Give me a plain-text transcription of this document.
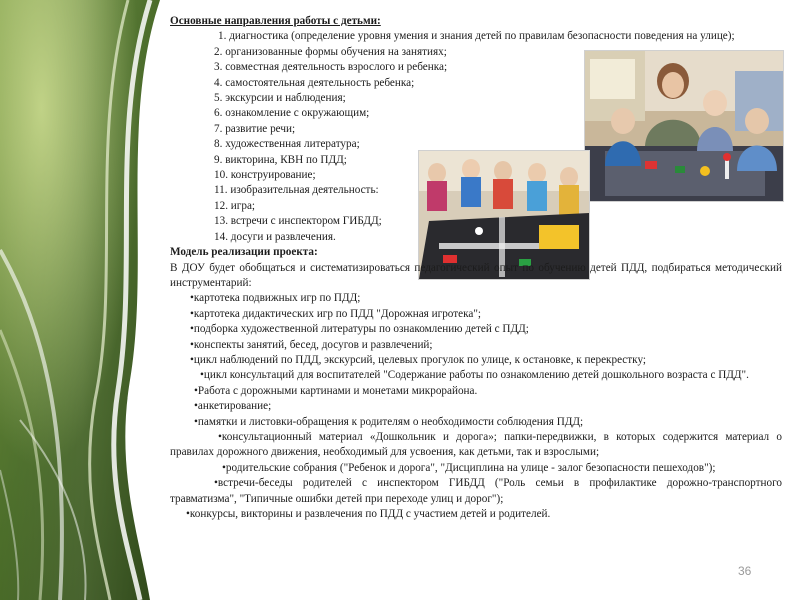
Основные направления работы с детьми:

1. диагностика (определение уровня умения и знания детей по правилам безопасности поведения на улице);

2. организованные формы обучения на занятиях;

3. совместная деятельность взрослого и ребенка;

4. самостоятельная деятельность ребенка;

5. экскурсии и наблюдения;

6. ознакомление с окружающим;

7. развитие речи;

8. художественная литература;

9. викторина, КВН по ПДД;

10. конструирование;

11. изобразительная деятельность:

12. игра;

13. встречи с инспектором ГИБДД;

14. досуги и развлечения.

Модель реализации проекта:

В ДОУ будет обобщаться и систематизироваться педагогический опыт по обучению детей ПДД, подбираться методический инструментарий:

•картотека подвижных игр по ПДД;

•картотека дидактических игр по ПДД "Дорожная игротека";

•подборка художественной литературы по ознакомлению детей с ПДД;

•конспекты занятий, бесед, досугов и развлечений;

•цикл наблюдений по ПДД, экскурсий, целевых прогулок по улице, к остановке, к перекрестку;

•цикл консультаций для воспитателей "Содержание работы по ознакомлению детей дошкольного возраста с ПДД".

•Работа с дорожными картинами и монетами микрорайона.

•анкетирование;

•памятки и листовки-обращения к родителям о необходимости соблюдения ПДД;

•консультационный материал «Дошкольник и дорога»; папки-передвижки, в которых содержится материал о правилах дорожного движения, необходимый для усвоения, как детьми, так и взрослыми;

•родительские собрания ("Ребенок и дорога", "Дисциплина на улице - залог безопасности пешеходов");

•встречи-беседы родителей с инспектором ГИБДД ("Роль семьи в профилактике дорожно-транспортного травматизма", "Типичные ошибки детей при переходе улиц и дорог");

•конкурсы, викторины и развлечения по ПДД с участием детей и родителей.

36
